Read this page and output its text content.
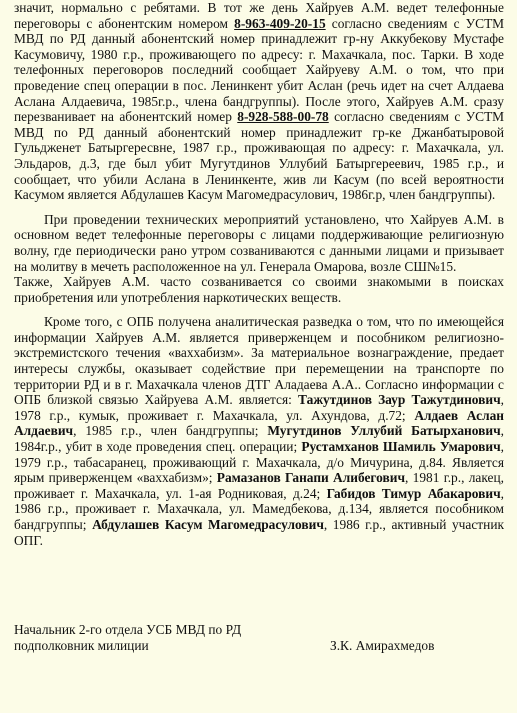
значит, нормально с ребятами. В тот же день Хайруев А.М. ведет телефонные переговоры с абонентским номером 8-963-409-20-15 согласно сведениям с УСТМ МВД по РД данный абонентский номер принадлежит гр-ну Аккубекову Мустафе Касумовичу, 1980 г.р., проживающего по адресу: г. Махачкала, пос. Тарки. В ходе телефонных переговоров последний сообщает Хайруеву А.М. о том, что при проведение спец операции в пос. Ленинкент убит Аслан (речь идет на счет Алдаева Аслана Алдаевича, 1985г.р., члена бандгруппы). После этого, Хайруев А.М. сразу перезванивает на абонентский номер 8-928-588-00-78 согласно сведениям с УСТМ МВД по РД данный абонентский номер принадлежит гр-ке Джанбатыровой Гульдженет Батыргересвне, 1987 г.р., проживающая по адресу: г. Махачкала, ул. Эльдаров, д.3, где был убит Мугутдинов Уллубий Батыргереевич, 1985 г.р., и сообщает, что убили Аслана в Ленинкенте, жив ли Касум (по всей вероятности Касумом является Абдулашев Касум Магомедрасулович, 1986г.р, член бандгруппы).

При проведении технических мероприятий установлено, что Хайруев А.М. в основном ведет телефонные переговоры с лицами поддерживающие религиозную волну, где периодически рано утром созваниваются с данными лицами и призывает на молитву в мечеть расположенное на ул. Генерала Омарова, возле СШ№15.

Также, Хайруев А.М. часто созванивается со своими знакомыми в поисках приобретения или употребления наркотических веществ.

Кроме того, с ОПБ получена аналитическая разведка о том, что по имеющейся информации Хайруев А.М. является приверженцем и пособником религиозно-экстремистского течения «ваххабизм». За материальное вознаграждение, предает интересы службы, оказывает содействие при перемещении на транспорте по территории РД и в г. Махачкала членов ДТГ Аладаева А.А.. Согласно информации с ОПБ близкой связью Хайруева А.М. является: Тажутдинов Заур Тажутдинович, 1978 г.р., кумык, проживает г. Махачкала, ул. Ахундова, д.72; Алдаев Аслан Алдаевич, 1985 г.р., член бандгруппы; Мугутдинов Уллубий Батырханович, 1984г.р., убит в ходе проведения спец. операции; Рустамханов Шамиль Умарович, 1979 г.р., табасаранец, проживающий г. Махачкала, д/о Мичурина, д.84. Является ярым приверженцем «ваххабизм»; Рамазанов Ганапи Алибегович, 1981 г.р., лакец, проживает г. Махачкала, ул. 1-ая Родниковая, д.24; Габидов Тимур Абакарович, 1986 г.р., проживает г. Махачкала, ул. Мамедбекова, д.134, является пособником бандгруппы; Абдулашев Касум Магомедрасулович, 1986 г.р., активный участник ОПГ.

Начальник 2-го отдела УСБ МВД по РД
подполковник милиции	З.К. Амирахмедов
